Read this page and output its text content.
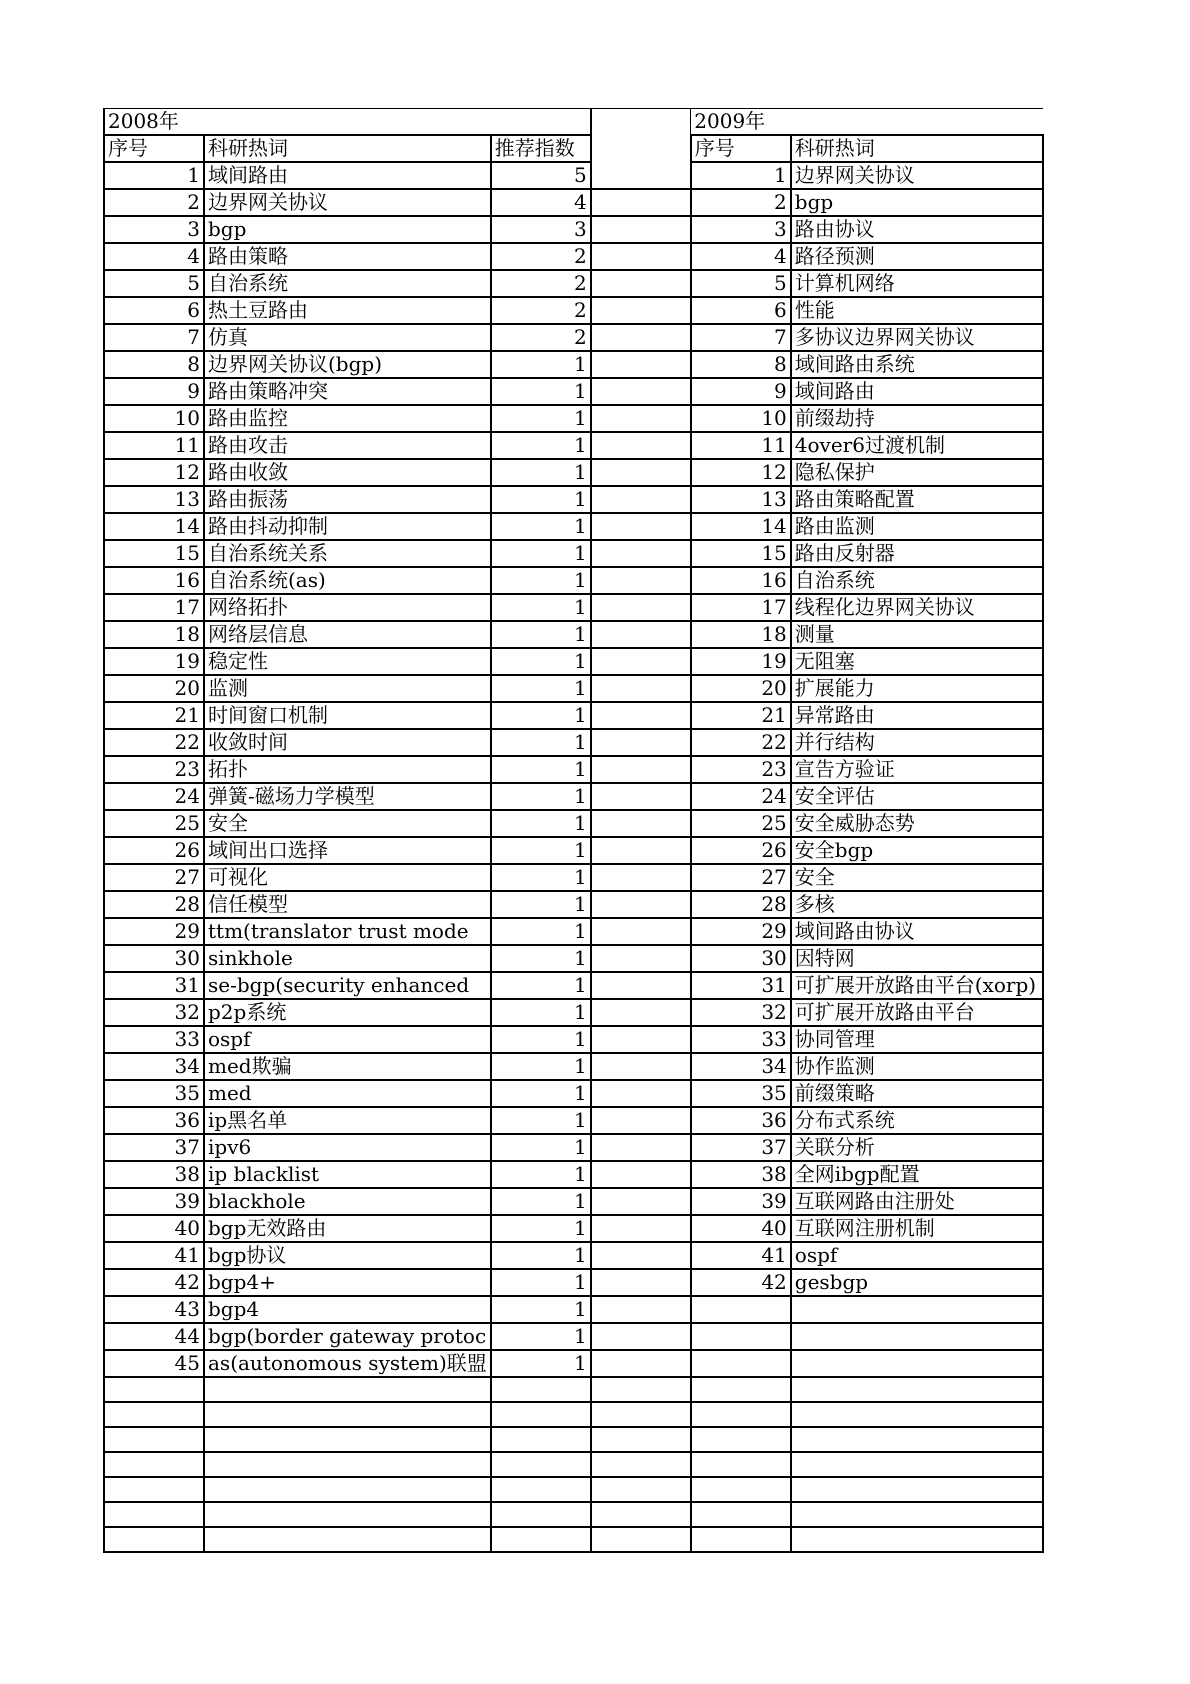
2008年				2009年	
序号	科研热词	推荐指数		序号	科研热词
1	域间路由	5		1	边界网关协议
2	边界网关协议	4		2	bgp
3	bgp	3		3	路由协议
4	路由策略	2		4	路径预测
5	自治系统	2		5	计算机网络
6	热土豆路由	2		6	性能
7	仿真	2		7	多协议边界网关协议
8	边界网关协议(bgp)	1		8	域间路由系统
9	路由策略冲突	1		9	域间路由
10	路由监控	1		10	前缀劫持
11	路由攻击	1		11	4over6过渡机制
12	路由收敛	1		12	隐私保护
13	路由振荡	1		13	路由策略配置
14	路由抖动抑制	1		14	路由监测
15	自治系统关系	1		15	路由反射器
16	自治系统(as)	1		16	自治系统
17	网络拓扑	1		17	线程化边界网关协议
18	网络层信息	1		18	测量
19	稳定性	1		19	无阻塞
20	监测	1		20	扩展能力
21	时间窗口机制	1		21	异常路由
22	收敛时间	1		22	并行结构
23	拓扑	1		23	宣告方验证
24	弹簧-磁场力学模型	1		24	安全评估
25	安全	1		25	安全威胁态势
26	域间出口选择	1		26	安全bgp
27	可视化	1		27	安全
28	信任模型	1		28	多核
29	ttm(translator trust mode	1		29	域间路由协议
30	sinkhole	1		30	因特网
31	se-bgp(security enhanced	1		31	可扩展开放路由平台(xorp)
32	p2p系统	1		32	可扩展开放路由平台
33	ospf	1		33	协同管理
34	med欺骗	1		34	协作监测
35	med	1		35	前缀策略
36	ip黑名单	1		36	分布式系统
37	ipv6	1		37	关联分析
38	ip blacklist	1		38	全网ibgp配置
39	blackhole	1		39	互联网路由注册处
40	bgp无效路由	1		40	互联网注册机制
41	bgp协议	1		41	ospf
42	bgp4+	1		42	gesbgp
43	bgp4	1			
44	bgp(border gateway protoc	1			
45	as(autonomous system)联盟	1			
